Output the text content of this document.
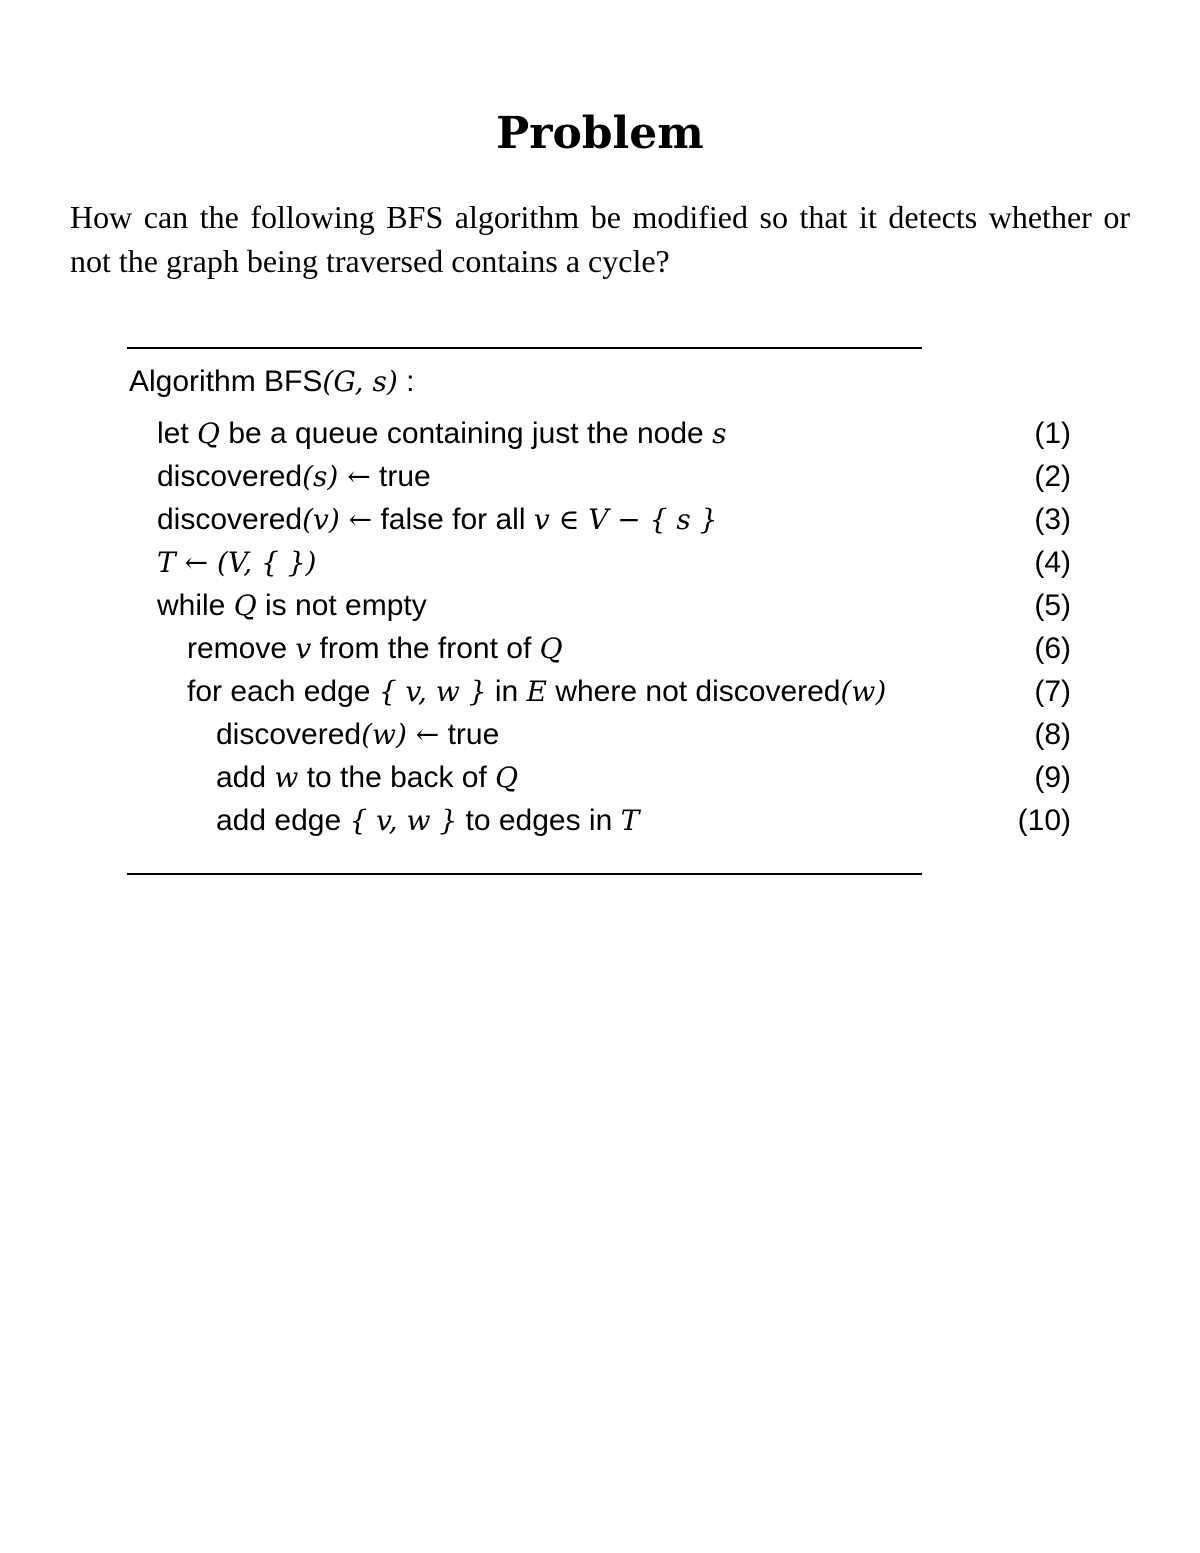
Problem
How can the following BFS algorithm be modified so that it detects whether or not the graph being traversed contains a cycle?
Algorithm BFS(G, s) :
let Q be a queue containing just the node s	(1)
discovered(s) ← true	(2)
discovered(v) ← false for all v ∈ V − { s }	(3)
T ← (V, { })	(4)
while Q is not empty	(5)
remove v from the front of Q	(6)
for each edge { v, w } in E where not discovered(w)	(7)
discovered(w) ← true	(8)
add w to the back of Q	(9)
add edge { v, w } to edges in T	(10)
